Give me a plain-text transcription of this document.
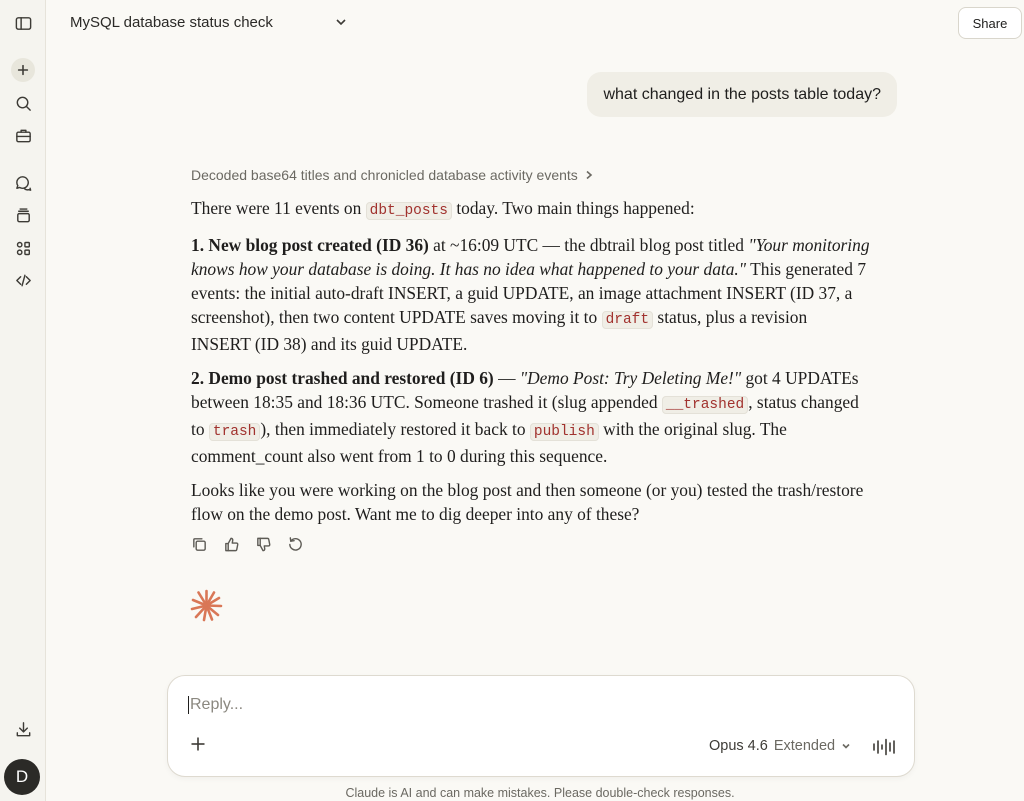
D
MySQL database status check	Share
what changed in the posts table today?
Decoded base64 titles and chronicled database activity events

There were 11 events on dbt_posts today. Two main things happened:

1. New blog post created (ID 36) at ~16:09 UTC — the dbtrail blog post titled "Your monitoring knows how your database is doing. It has no idea what happened to your data." This generated 7 events: the initial auto-draft INSERT, a guid UPDATE, an image attachment INSERT (ID 37, a screenshot), then two content UPDATE saves moving it to draft status, plus a revision INSERT (ID 38) and its guid UPDATE.

2. Demo post trashed and restored (ID 6) — "Demo Post: Try Deleting Me!" got 4 UPDATEs between 18:35 and 18:36 UTC. Someone trashed it (slug appended __trashed , status changed to trash ), then immediately restored it back to publish with the original slug. The comment_count also went from 1 to 0 during this sequence.

Looks like you were working on the blog post and then someone (or you) tested the trash/restore flow on the demo post. Want me to dig deeper into any of these?

Reply...
Opus 4.6 Extended
Claude is AI and can make mistakes. Please double-check responses.
